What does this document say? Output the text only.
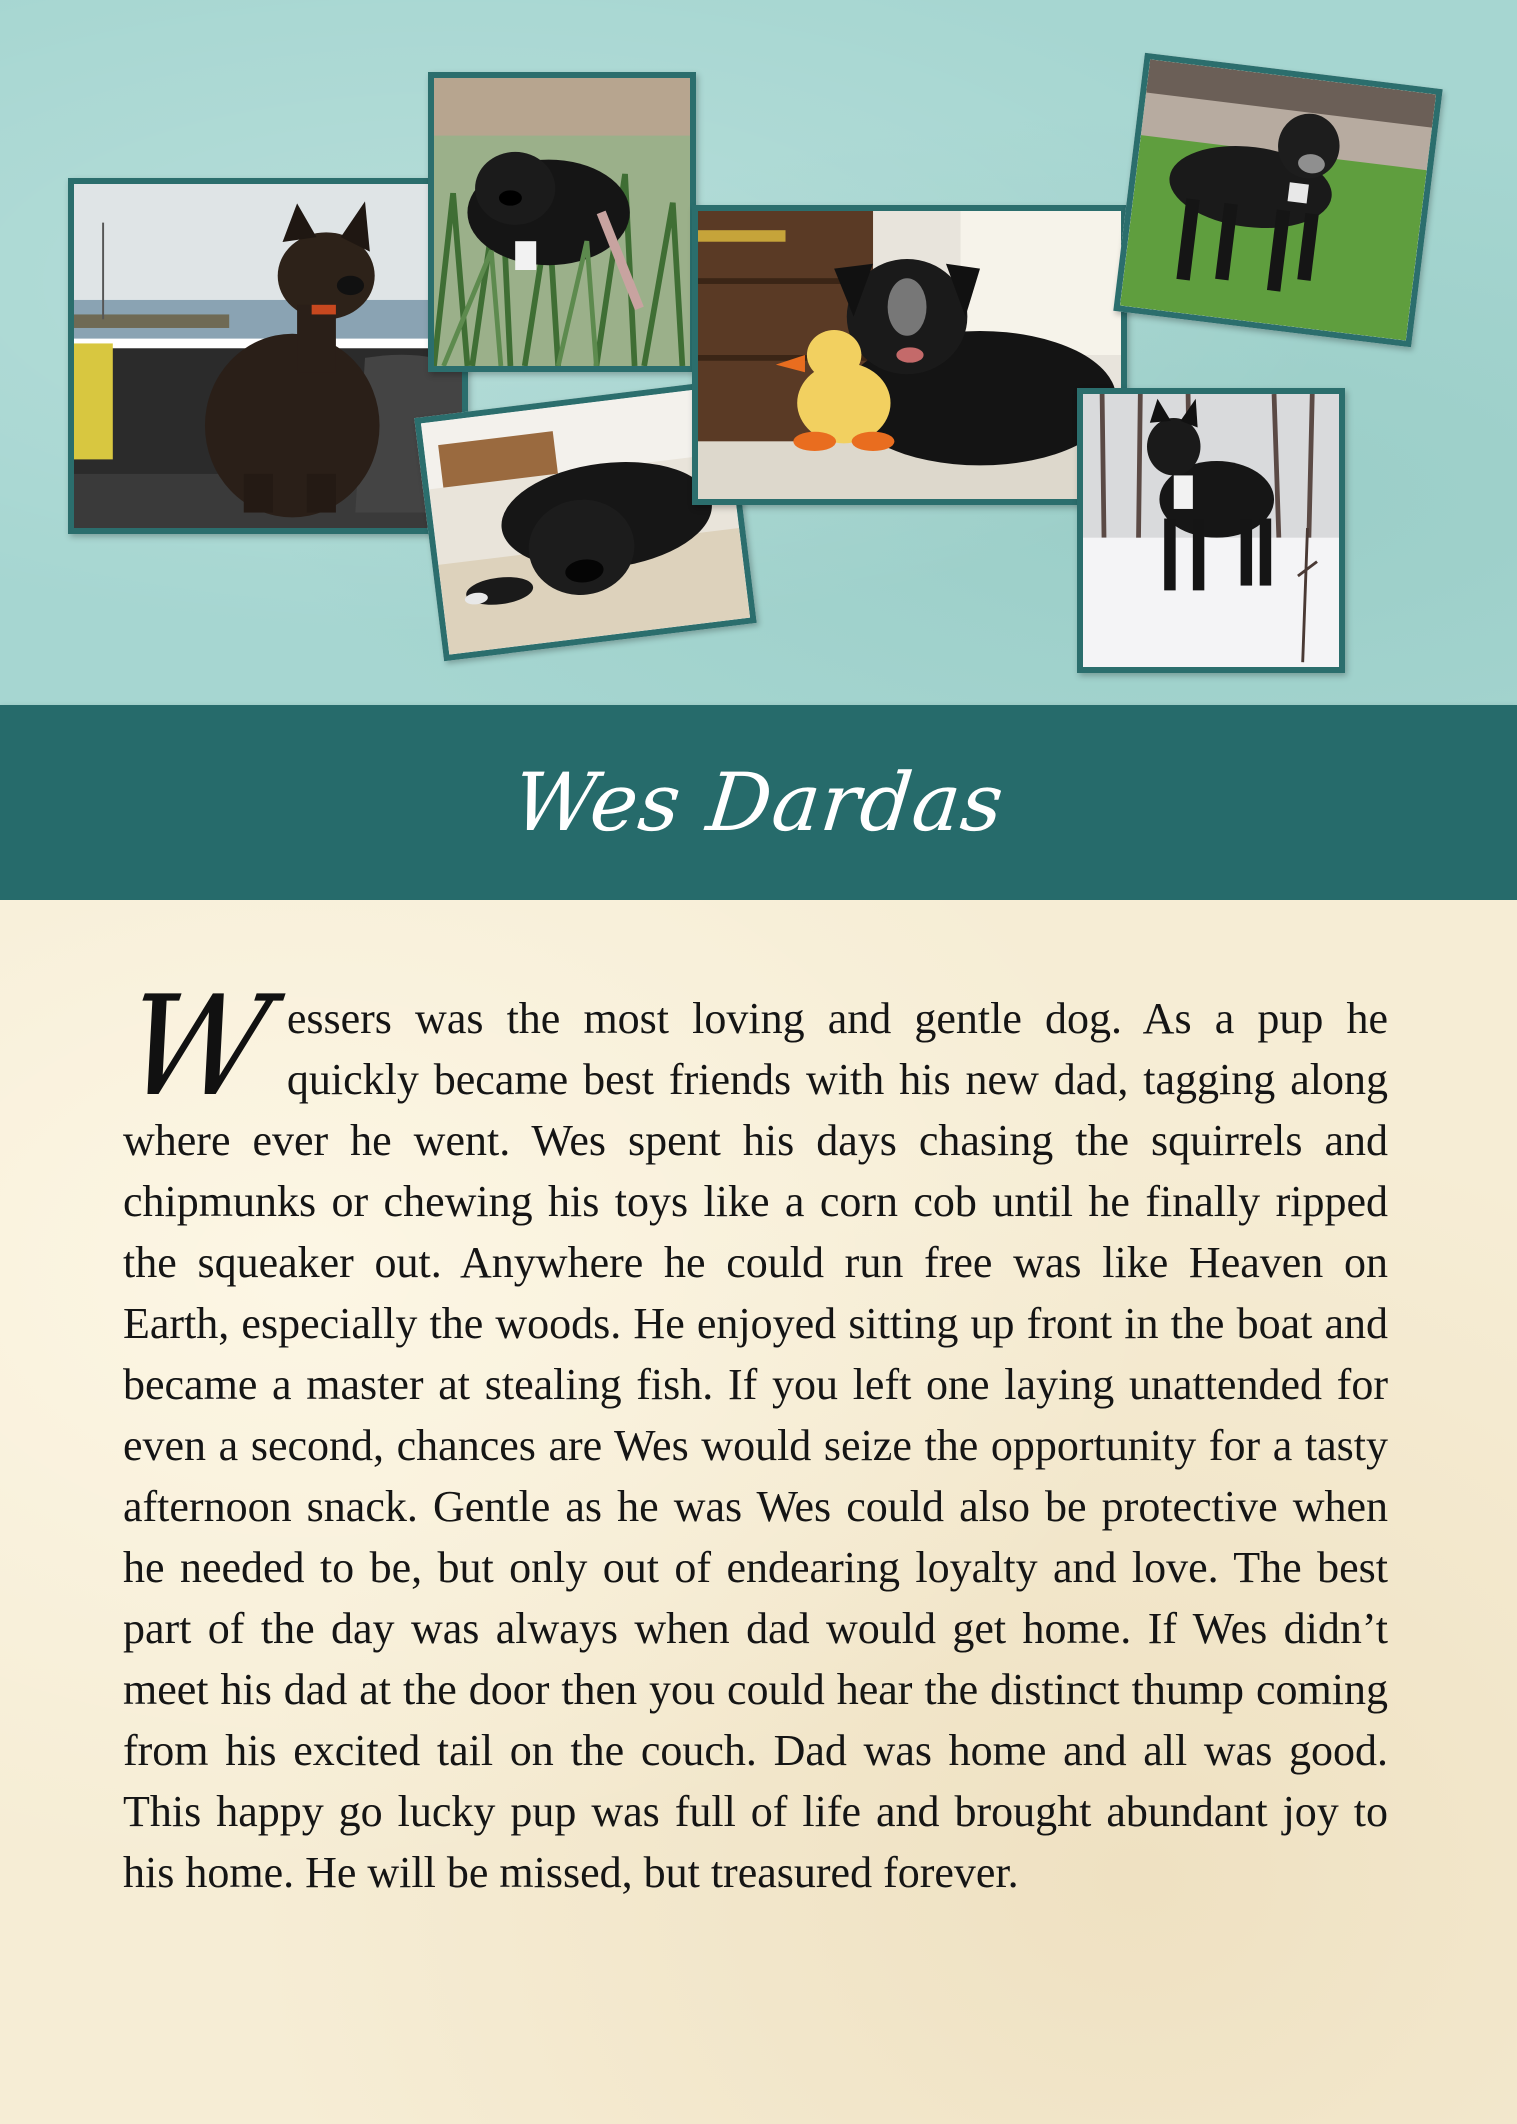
Wes Dardas

Wessers was the most loving and gentle dog. As a pup he quickly became best friends with his new dad, tagging along where ever he went. Wes spent his days chasing the squirrels and chipmunks or chewing his toys like a corn cob until he finally ripped the squeaker out. Anywhere he could run free was like Heaven on Earth, especially the woods. He enjoyed sitting up front in the boat and became a master at stealing fish. If you left one laying unattended for even a second, chances are Wes would seize the opportunity for a tasty afternoon snack. Gentle as he was Wes could also be protective when he needed to be, but only out of endearing loyalty and love. The best part of the day was always when dad would get home. If Wes didn’t meet his dad at the door then you could hear the distinct thump coming from his excited tail on the couch. Dad was home and all was good. This happy go lucky pup was full of life and brought abundant joy to his home. He will be missed, but treasured forever.
